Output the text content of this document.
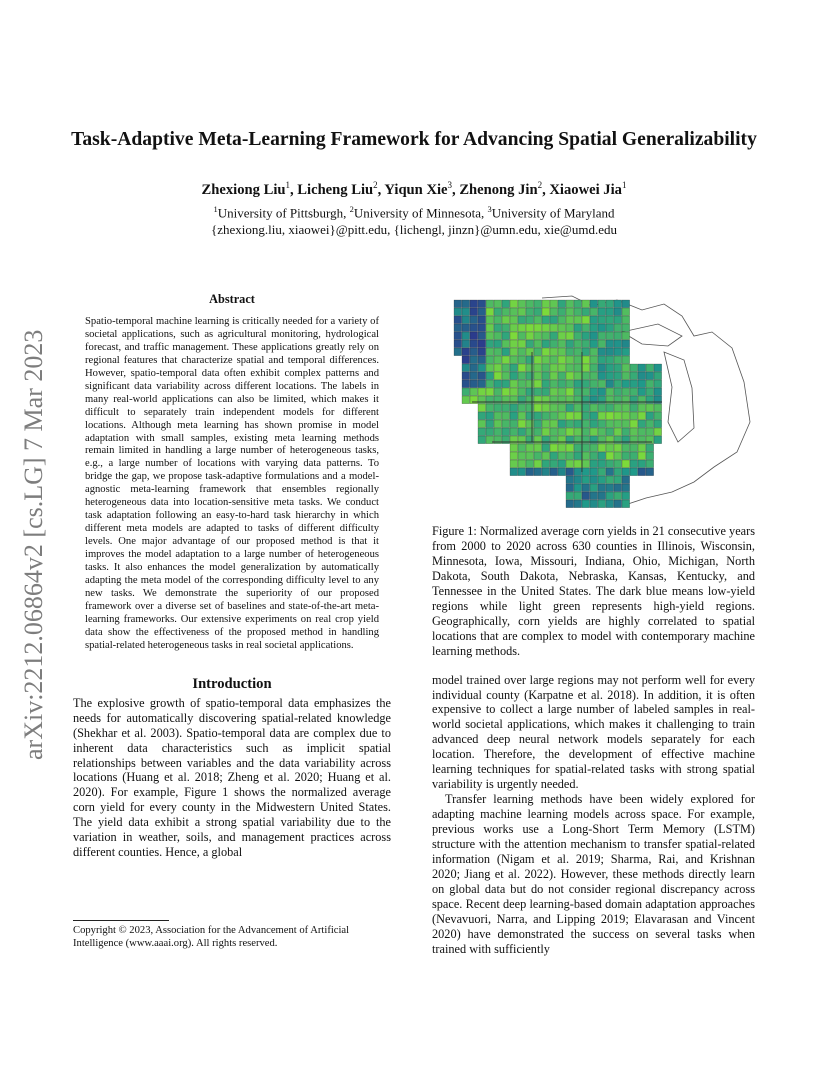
arXiv:2212.06864v2 [cs.LG] 7 Mar 2023
Task-Adaptive Meta-Learning Framework for Advancing Spatial Generalizability
Zhexiong Liu$^1$, Licheng Liu$^2$, Yiqun Xie$^3$, Zhenong Jin$^2$, Xiaowei Jia$^1$
$^1$University of Pittsburgh, $^2$University of Minnesota, $^3$University of Maryland
{zhexiong.liu, xiaowei}@pitt.edu, {lichengl, jinzn}@umn.edu, xie@umd.edu
Abstract

Spatio-temporal machine learning is critically needed for a variety of societal applications, such as agricultural monitoring, hydrological forecast, and traffic management. These applications greatly rely on regional features that characterize spatial and temporal differences. However, spatio-temporal data often exhibit complex patterns and significant data variability across different locations. The labels in many real-world applications can also be limited, which makes it difficult to separately train independent models for different locations. Although meta learning has shown promise in model adaptation with small samples, existing meta learning methods remain limited in handling a large number of heterogeneous tasks, e.g., a large number of locations with varying data patterns. To bridge the gap, we propose task-adaptive formulations and a model-agnostic meta-learning framework that ensembles regionally heterogeneous data into location-sensitive meta tasks. We conduct task adaptation following an easy-to-hard task hierarchy in which different meta models are adapted to tasks of different difficulty levels. One major advantage of our proposed method is that it improves the model adaptation to a large number of heterogeneous tasks. It also enhances the model generalization by automatically adapting the meta model of the corresponding difficulty level to any new tasks. We demonstrate the superiority of our proposed framework over a diverse set of baselines and state-of-the-art meta-learning frameworks. Our extensive experiments on real crop yield data show the effectiveness of the proposed method in handling spatial-related heterogeneous tasks in real societal applications.

Introduction

The explosive growth of spatio-temporal data emphasizes the needs for automatically discovering spatial-related knowledge (Shekhar et al. 2003). Spatio-temporal data are complex due to inherent data characteristics such as implicit spatial relationships between variables and the data variability across locations (Huang et al. 2018; Zheng et al. 2020; Huang et al. 2020). For example, Figure 1 shows the normalized average corn yield for every county in the Midwestern United States. The yield data exhibit a strong spatial variability due to the variation in weather, soils, and management practices across different counties. Hence, a global

Figure 1: Normalized average corn yields in 21 consecutive years from 2000 to 2020 across 630 counties in Illinois, Wisconsin, Minnesota, Iowa, Missouri, Indiana, Ohio, Michigan, North Dakota, South Dakota, Nebraska, Kansas, Kentucky, and Tennessee in the United States. The dark blue means low-yield regions while light green represents high-yield regions. Geographically, corn yields are highly correlated to spatial locations that are complex to model with contemporary machine learning methods.

model trained over large regions may not perform well for every individual county (Karpatne et al. 2018). In addition, it is often expensive to collect a large number of labeled samples in real-world societal applications, which makes it challenging to train advanced deep neural network models separately for each location. Therefore, the development of effective machine learning techniques for spatial-related tasks with strong spatial variability is urgently needed.

Transfer learning methods have been widely explored for adapting machine learning models across space. For example, previous works use a Long-Short Term Memory (LSTM) structure with the attention mechanism to transfer spatial-related information (Nigam et al. 2019; Sharma, Rai, and Krishnan 2020; Jiang et al. 2022). However, these methods directly learn on global data but do not consider regional discrepancy across space. Recent deep learning-based domain adaptation approaches (Nevavuori, Narra, and Lipping 2019; Elavarasan and Vincent 2020) have demonstrated the success on several tasks when trained with sufficiently

Copyright © 2023, Association for the Advancement of Artificial Intelligence (www.aaai.org). All rights reserved.
